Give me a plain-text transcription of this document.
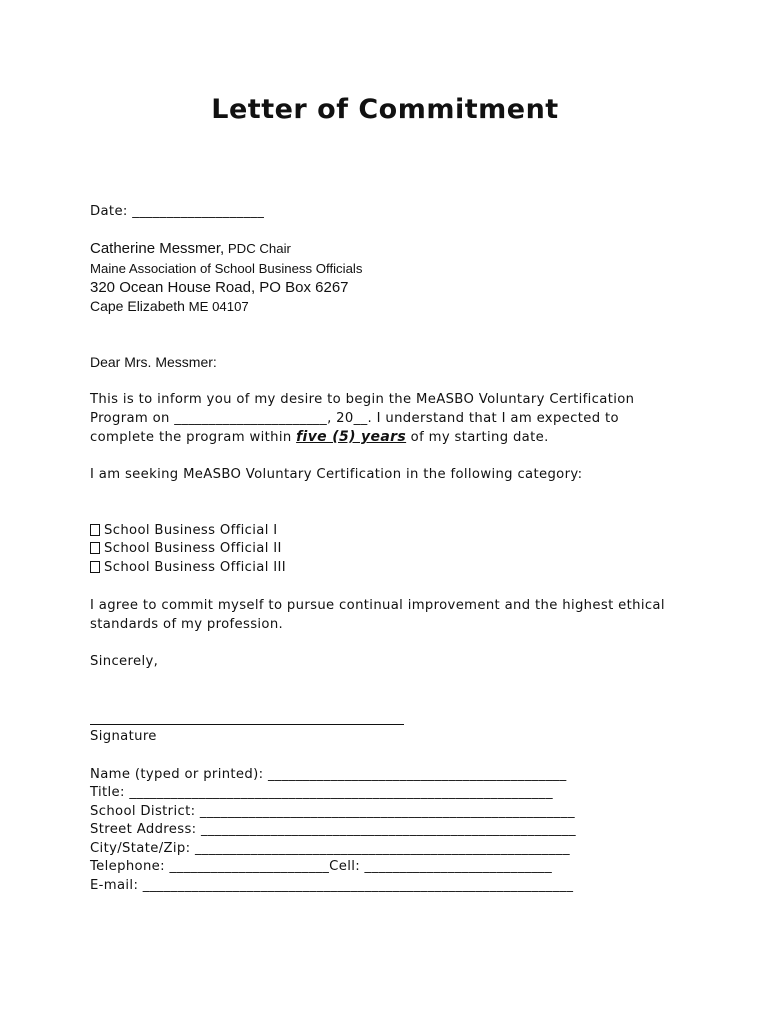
Letter of Commitment
Date: ___________________
Catherine Messmer, PDC Chair
Maine Association of School Business Officials
320 Ocean House Road, PO Box 6267
Cape Elizabeth ME 04107
Dear Mrs. Messmer:
This is to inform you of my desire to begin the MeASBO Voluntary Certification
Program on ______________________, 20__. I understand that I am expected to
complete the program within five (5) years of my starting date.
I am seeking MeASBO Voluntary Certification in the following category:
School Business Official I
School Business Official II
School Business Official III
I agree to commit myself to pursue continual improvement and the highest ethical
standards of my profession.
Sincerely,
Signature
Name (typed or printed): ___________________________________________
Title: _____________________________________________________________
School District: ______________________________________________________
Street Address: ______________________________________________________
City/State/Zip: ______________________________________________________
Telephone: _______________________Cell: ___________________________
E-mail: ______________________________________________________________
